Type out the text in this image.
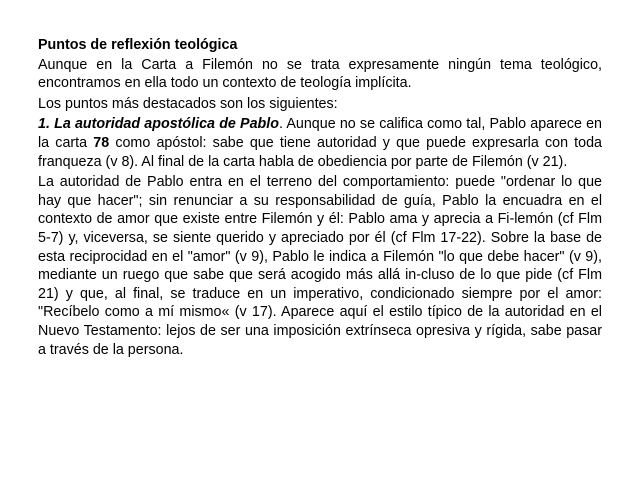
Puntos de reflexión teológica

Aunque en la Carta a Filemón no se trata expresamente ningún tema teológico, encontramos en ella todo un contexto de teología implícita.

Los puntos más destacados son los siguientes:

1. La autoridad apostólica de Pablo. Aunque no se califica como tal, Pablo aparece en la carta 78 como apóstol: sabe que tiene autoridad y que puede expresarla con toda franqueza (v 8). Al final de la carta habla de obediencia por parte de Filemón (v 21).

La autoridad de Pablo entra en el terreno del comportamiento: puede "ordenar lo que hay que hacer"; sin renunciar a su responsabilidad de guía, Pablo la encuadra en el contexto de amor que existe entre Filemón y él: Pablo ama y aprecia a Fi-lemón (cf Flm 5-7) y, viceversa, se siente querido y apreciado por él (cf Flm 17-22). Sobre la base de esta reciprocidad en el "amor" (v 9), Pablo le indica a Filemón "lo que debe hacer" (v 9), mediante un ruego que sabe que será acogido más allá in-cluso de lo que pide (cf Flm 21) y que, al final, se traduce en un imperativo, condicionado siempre por el amor: "Recíbelo como a mí mismo« (v 17). Aparece aquí el estilo típico de la autoridad en el Nuevo Testamento: lejos de ser una imposición extrínseca opresiva y rígida, sabe pasar a través de la persona.
